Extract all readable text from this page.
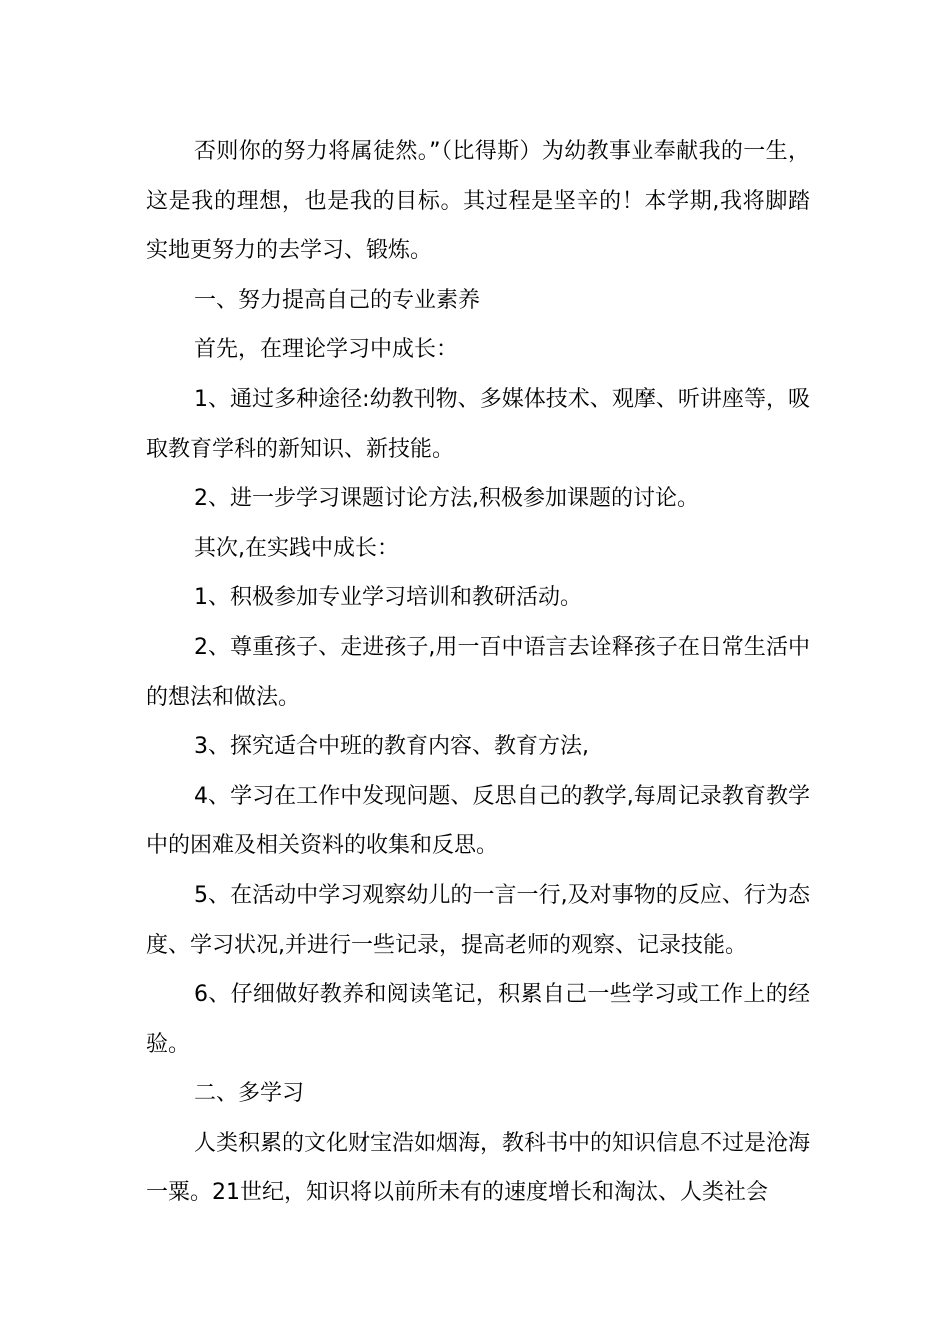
否则你的努力将属徒然。”（比得斯）为幼教事业奉献我的一生，这是我的理想，也是我的目标。其过程是坚辛的！本学期,我将脚踏实地更努力的去学习、锻炼。

一、努力提高自己的专业素养

首先，在理论学习中成长：

1、通过多种途径:幼教刊物、多媒体技术、观摩、听讲座等，吸取教育学科的新知识、新技能。

2、进一步学习课题讨论方法,积极参加课题的讨论。

其次,在实践中成长：

1、积极参加专业学习培训和教研活动。

2、尊重孩子、走进孩子,用一百中语言去诠释孩子在日常生活中的想法和做法。

3、探究适合中班的教育内容、教育方法,

4、学习在工作中发现问题、反思自己的教学,每周记录教育教学中的困难及相关资料的收集和反思。

5、在活动中学习观察幼儿的一言一行,及对事物的反应、行为态度、学习状况,并进行一些记录，提高老师的观察、记录技能。

6、仔细做好教养和阅读笔记，积累自己一些学习或工作上的经验。

二、多学习

人类积累的文化财宝浩如烟海，教科书中的知识信息不过是沧海一粟。21世纪，知识将以前所未有的速度增长和淘汰、人类社会
